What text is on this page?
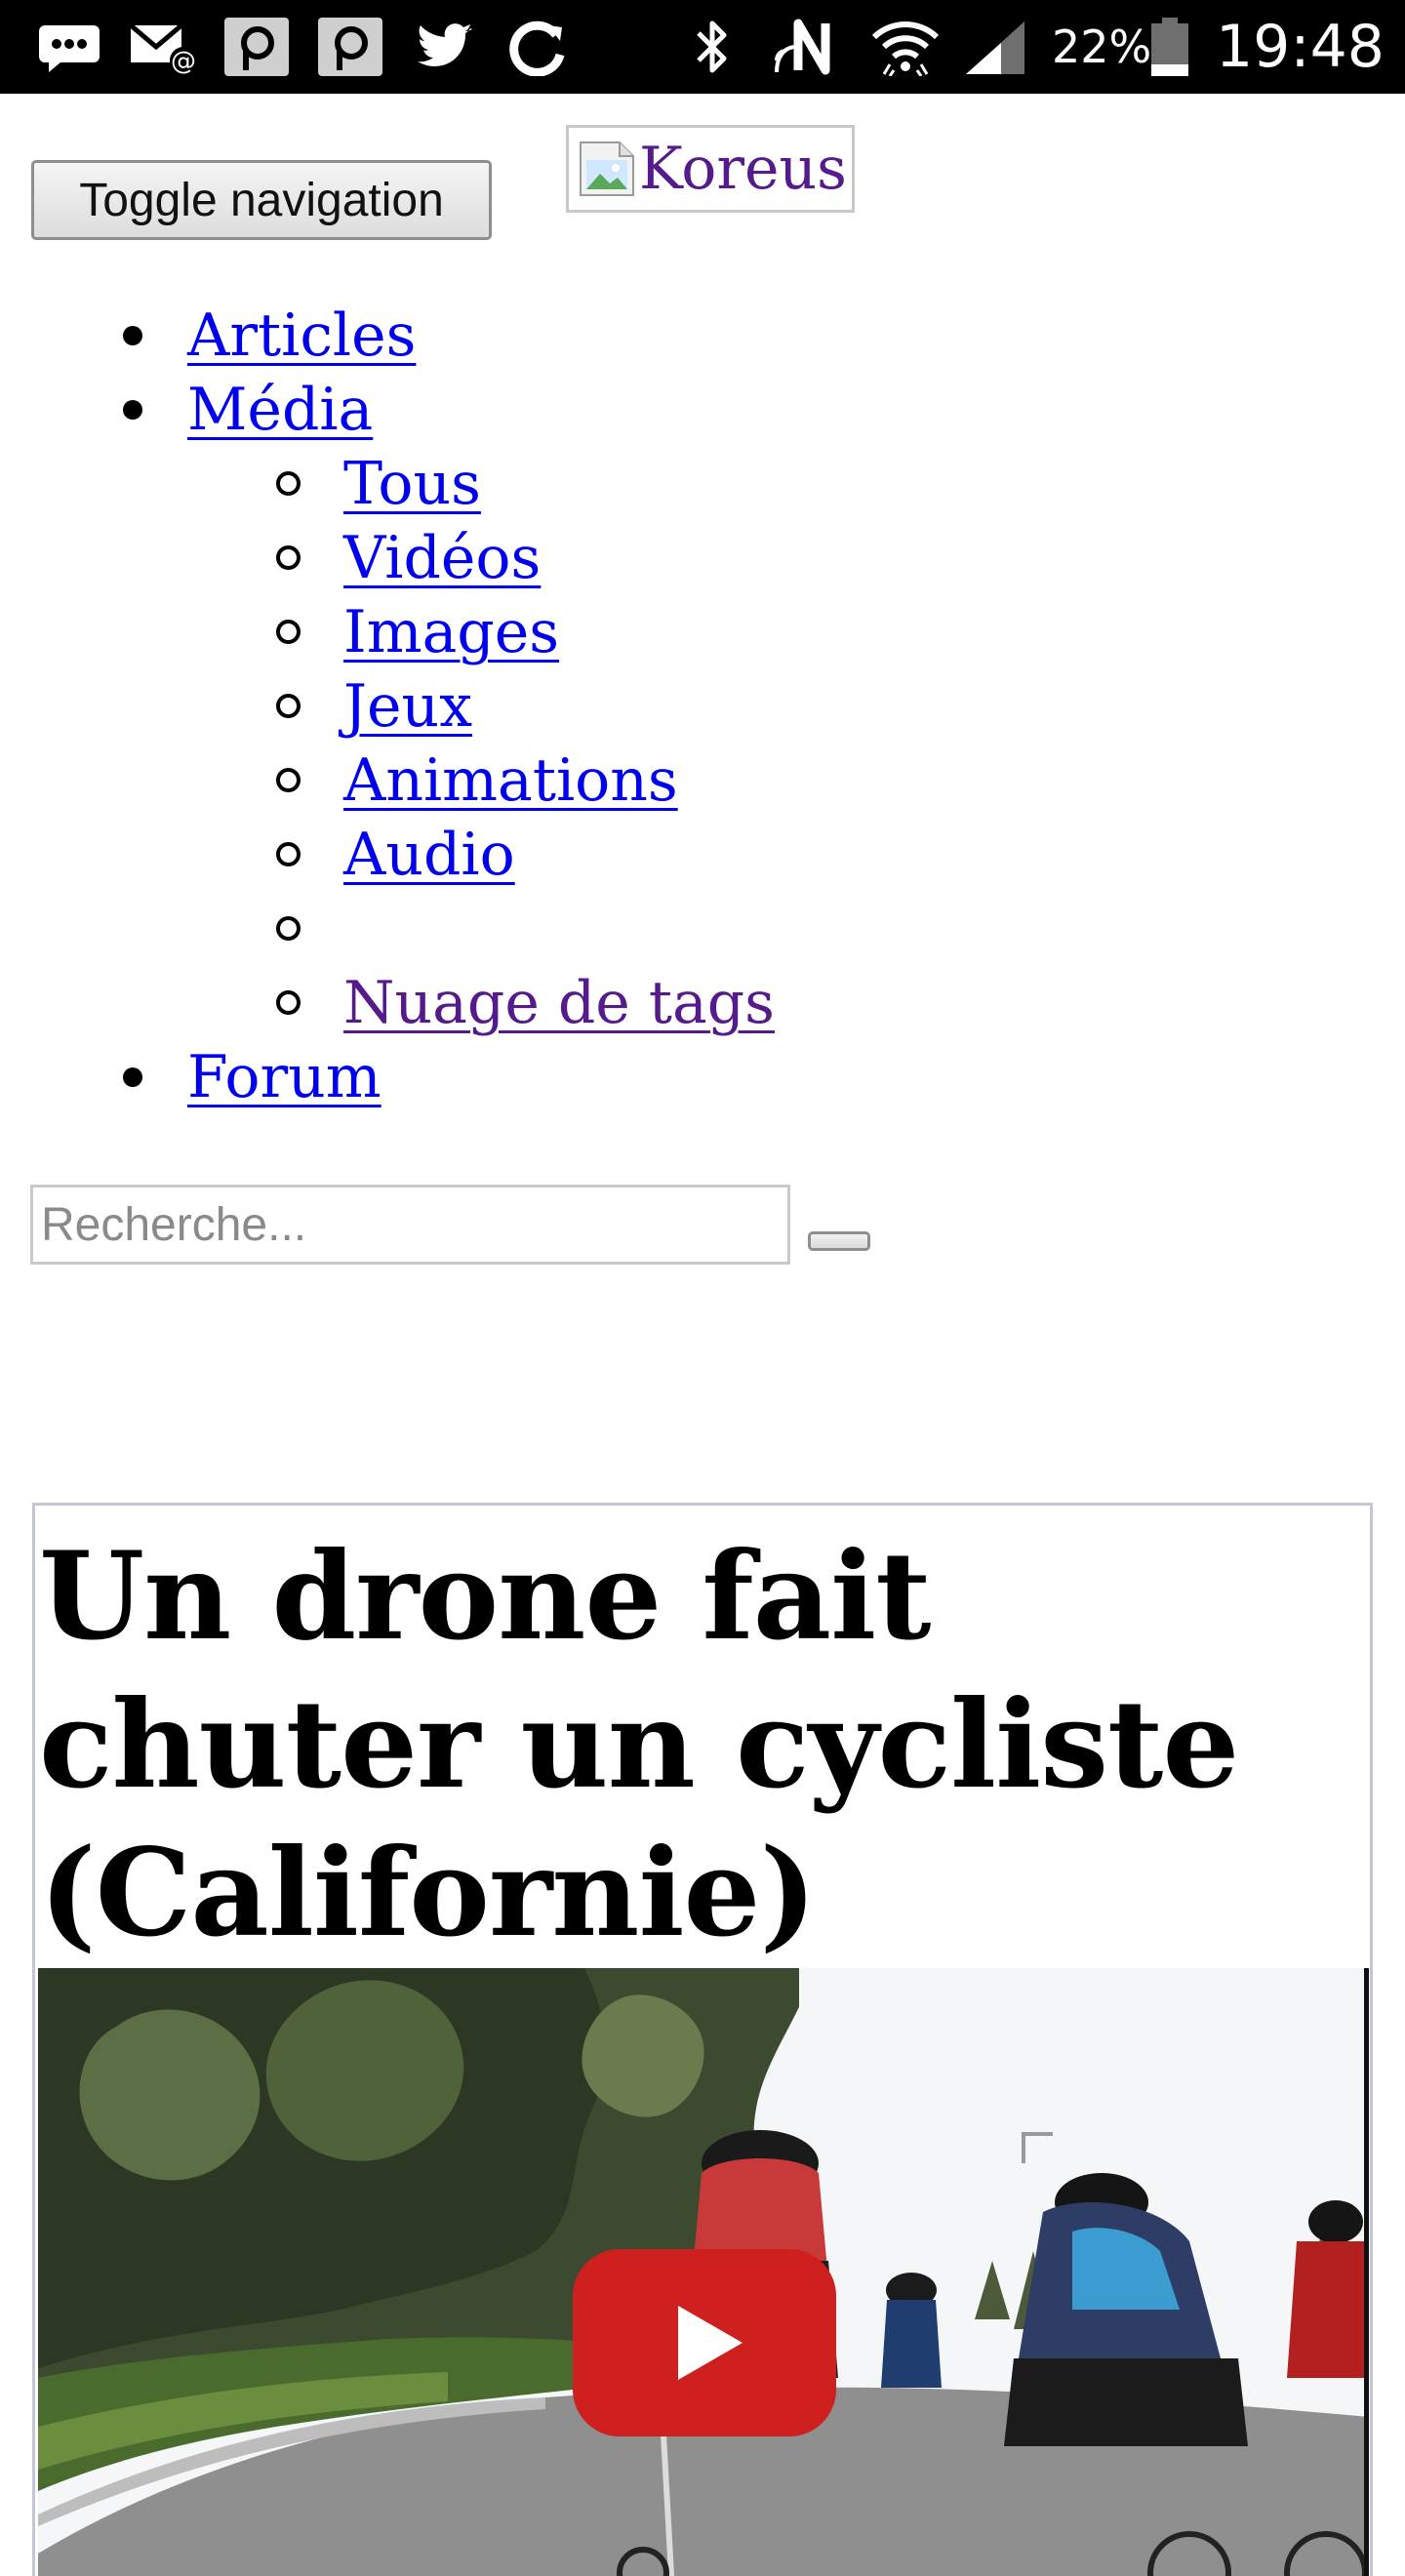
@	22% 19:48
Toggle navigation	Koreus
Articles
Média
Tous
Vidéos
Images
Jeux
Animations
Audio
Nuage de tags
Forum
Recherche...
Un drone fait chuter un cycliste (Californie)
